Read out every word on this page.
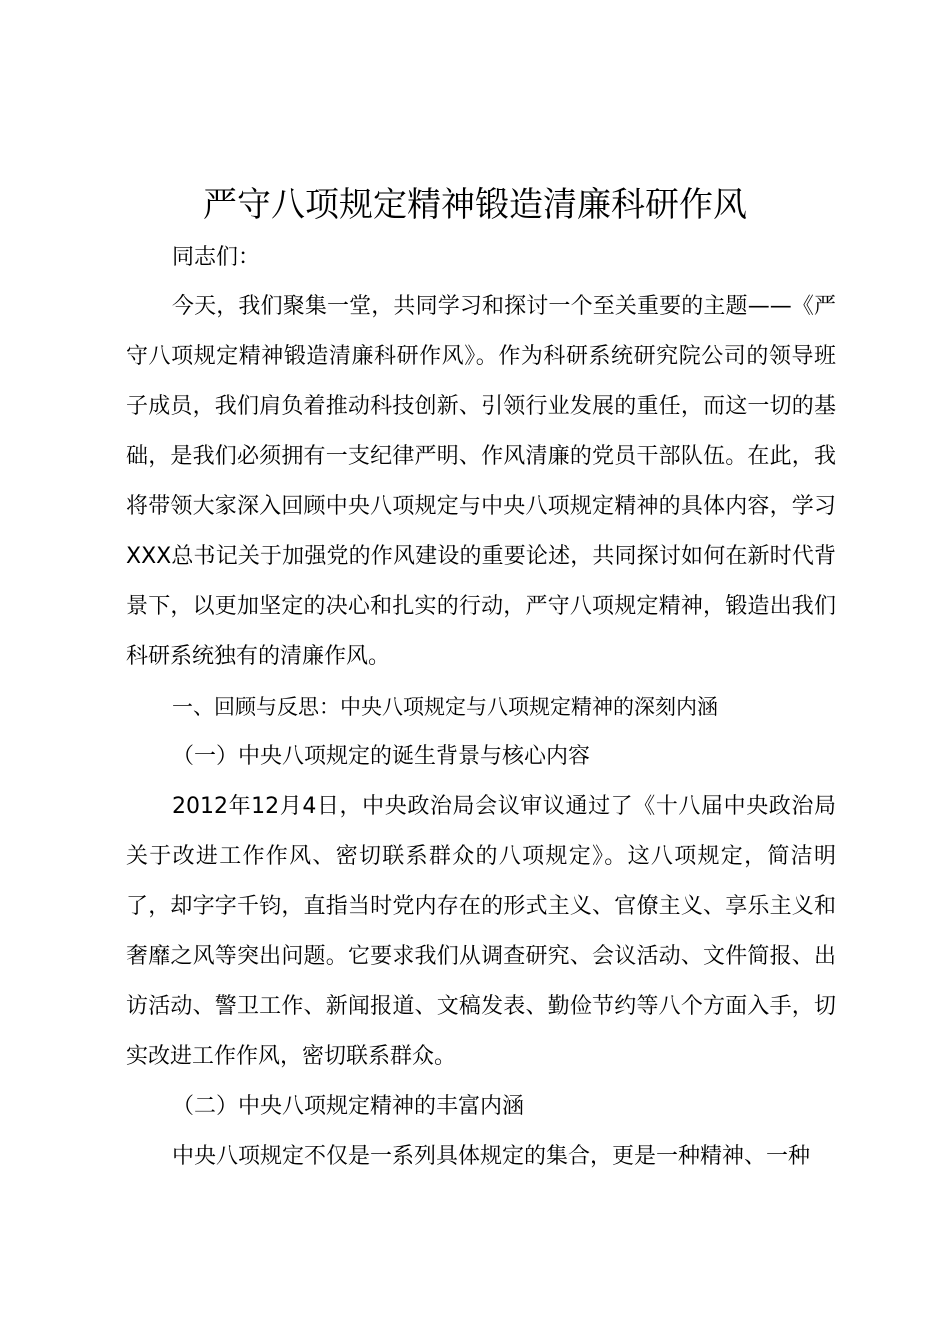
严守八项规定精神锻造清廉科研作风
同志们：
今天，我们聚集一堂，共同学习和探讨一个至关重要的主题——《严守八项规定精神锻造清廉科研作风》。作为科研系统研究院公司的领导班子成员，我们肩负着推动科技创新、引领行业发展的重任，而这一切的基础，是我们必须拥有一支纪律严明、作风清廉的党员干部队伍。在此，我将带领大家深入回顾中央八项规定与中央八项规定精神的具体内容，学习XXX总书记关于加强党的作风建设的重要论述，共同探讨如何在新时代背景下，以更加坚定的决心和扎实的行动，严守八项规定精神，锻造出我们科研系统独有的清廉作风。
一、回顾与反思：中央八项规定与八项规定精神的深刻内涵
（一）中央八项规定的诞生背景与核心内容
2012年12月4日，中央政治局会议审议通过了《十八届中央政治局关于改进工作作风、密切联系群众的八项规定》。这八项规定，简洁明了，却字字千钧，直指当时党内存在的形式主义、官僚主义、享乐主义和奢靡之风等突出问题。它要求我们从调查研究、会议活动、文件简报、出访活动、警卫工作、新闻报道、文稿发表、勤俭节约等八个方面入手，切实改进工作作风，密切联系群众。
（二）中央八项规定精神的丰富内涵
中央八项规定不仅是一系列具体规定的集合，更是一种精神、一种
